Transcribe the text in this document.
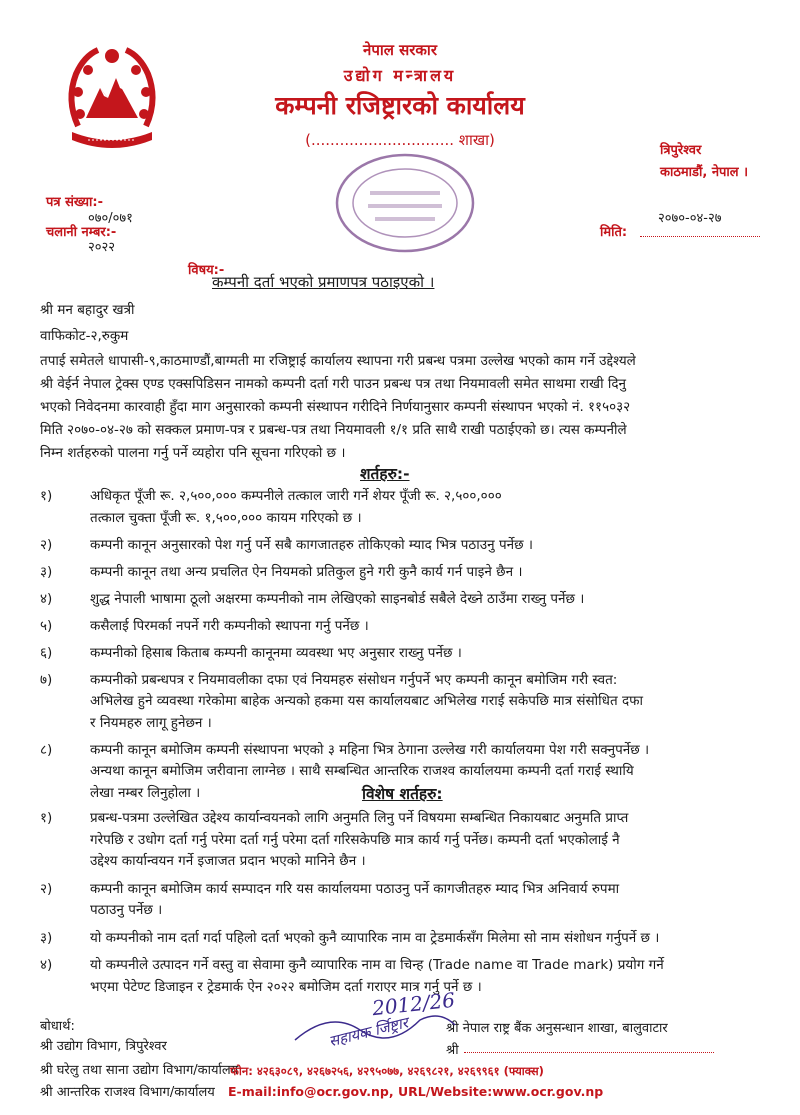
नेपाल सरकार
उद्योग मन्त्रालय
कम्पनी रजिष्ट्रारको कार्यालय
(.............................. शाखा)
त्रिपुरेश्वर
काठमाडौं, नेपाल ।
पत्र संख्या:-
०७०/०७१
चलानी नम्बर:-
२०२२
२०७०-०४-२७
मिति:
विषय:-
कम्पनी दर्ता भएको प्रमाणपत्र पठाइएको ।
श्री मन बहादुर खत्री
वाफिकोट-२,रुकुम
तपाई समेतले धापासी-९,काठमाण्डौं,बाग्मती मा रजिष्ट्राई कार्यालय स्थापना गरी प्रबन्ध पत्रमा उल्लेख भएको काम गर्ने उद्देश्यले
श्री वेईर्न नेपाल ट्रेक्स एण्ड एक्सपिडिसन नामको कम्पनी दर्ता गरी पाउन प्रबन्ध पत्र तथा नियमावली समेत साथमा राखी दिनु
भएको निवेदनमा कारवाही हुँदा माग अनुसारको कम्पनी संस्थापन गरीदिने निर्णयानुसार कम्पनी संस्थापन भएको नं. ११५०३२
मिति २०७०-०४-२७ को सक्कल प्रमाण-पत्र र प्रबन्ध-पत्र तथा नियमावली १/१ प्रति साथै राखी पठाईएको छ। त्यस कम्पनीले
निम्न शर्तहरुको पालना गर्नु पर्ने व्यहोरा पनि सूचना गरिएको छ ।
शर्तहरु:-
१)	अधिकृत पूँजी रू. २,५००,००० कम्पनीले तत्काल जारी गर्ने शेयर पूँजी रू. २,५००,०००
तत्काल चुक्ता पूँजी रू. १,५००,००० कायम गरिएको छ ।
२)	कम्पनी कानून अनुसारको पेश गर्नु पर्ने सबै कागजातहरु तोकिएको म्याद भित्र पठाउनु पर्नेछ ।
३)	कम्पनी कानून तथा अन्य प्रचलित ऐन नियमको प्रतिकुल हुने गरी कुनै कार्य गर्न पाइने छैन ।
४)	शुद्ध नेपाली भाषामा ठूलो अक्षरमा कम्पनीको नाम लेखिएको साइनबोर्ड सबैले देख्ने ठाउँमा राख्नु पर्नेछ ।
५)	कसैलाई पिरमर्का नपर्ने गरी कम्पनीको स्थापना गर्नु पर्नेछ ।
६)	कम्पनीको हिसाब किताब कम्पनी कानूनमा व्यवस्था भए अनुसार राख्नु पर्नेछ ।
७)	कम्पनीको प्रबन्धपत्र र नियमावलीका दफा एवं नियमहरु संसोधन गर्नुपर्ने भए कम्पनी कानून बमोजिम गरी स्वत:
अभिलेख हुने व्यवस्था गरेकोमा बाहेक अन्यको हकमा यस कार्यालयबाट अभिलेख गराई सकेपछि मात्र संसोधित दफा
र नियमहरु लागू हुनेछन ।
८)	कम्पनी कानून बमोजिम कम्पनी संस्थापना भएको ३ महिना भित्र ठेगाना उल्लेख गरी कार्यालयमा पेश गरी सक्नुपर्नेछ ।
अन्यथा कानून बमोजिम जरीवाना लाग्नेछ । साथै सम्बन्धित आन्तरिक राजश्व कार्यालयमा कम्पनी दर्ता गराई स्थायि
लेखा नम्बर लिनुहोला ।	विशेष शर्तहरु:
१)	प्रबन्ध-पत्रमा उल्लेखित उद्देश्य कार्यान्वयनको लागि अनुमति लिनु पर्ने विषयमा सम्बन्धित निकायबाट अनुमति प्राप्त
गरेपछि र उधोग दर्ता गर्नु परेमा दर्ता गर्नु परेमा दर्ता गरिसकेपछि मात्र कार्य गर्नु पर्नेछ। कम्पनी दर्ता भएकोलाई नै
उद्देश्य कार्यान्वयन गर्ने इजाजत प्रदान भएको मानिने छैन ।
२)	कम्पनी कानून बमोजिम कार्य सम्पादन गरि यस कार्यालयमा पठाउनु पर्ने कागजीतहरु म्याद भित्र अनिवार्य रुपमा
पठाउनु पर्नेछ ।
३)	यो कम्पनीको नाम दर्ता गर्दा पहिलो दर्ता भएको कुनै व्यापारिक नाम वा ट्रेडमार्कसँग मिलेमा सो नाम संशोधन गर्नुपर्ने छ ।
४)	यो कम्पनीले उत्पादन गर्ने वस्तु वा सेवामा कुनै व्यापारिक नाम वा चिन्ह (Trade name वा Trade mark) प्रयोग गर्ने
भएमा पेटेण्ट डिजाइन र ट्रेडमार्क ऐन २०२२ बमोजिम दर्ता गराएर मात्र गर्नु पर्ने छ ।
बोधार्थ:
श्री उद्योग विभाग, त्रिपुरेश्वर
श्री घरेलु तथा साना उद्योग विभाग/कार्यालय
श्री आन्तरिक राजश्व विभाग/कार्यालय
श्री नेपाल राष्ट्र बैंक अनुसन्धान शाखा, बालुवाटार
श्री
फोन: ४२६३०८९, ४२६७२५६, ४२९५०७७, ४२६९८२१, ४२६९९६१ (फ्याक्स)
E-mail:info@ocr.gov.np, URL/Website:www.ocr.gov.np
सहायक र्जिष्ट्रार
2012/26
